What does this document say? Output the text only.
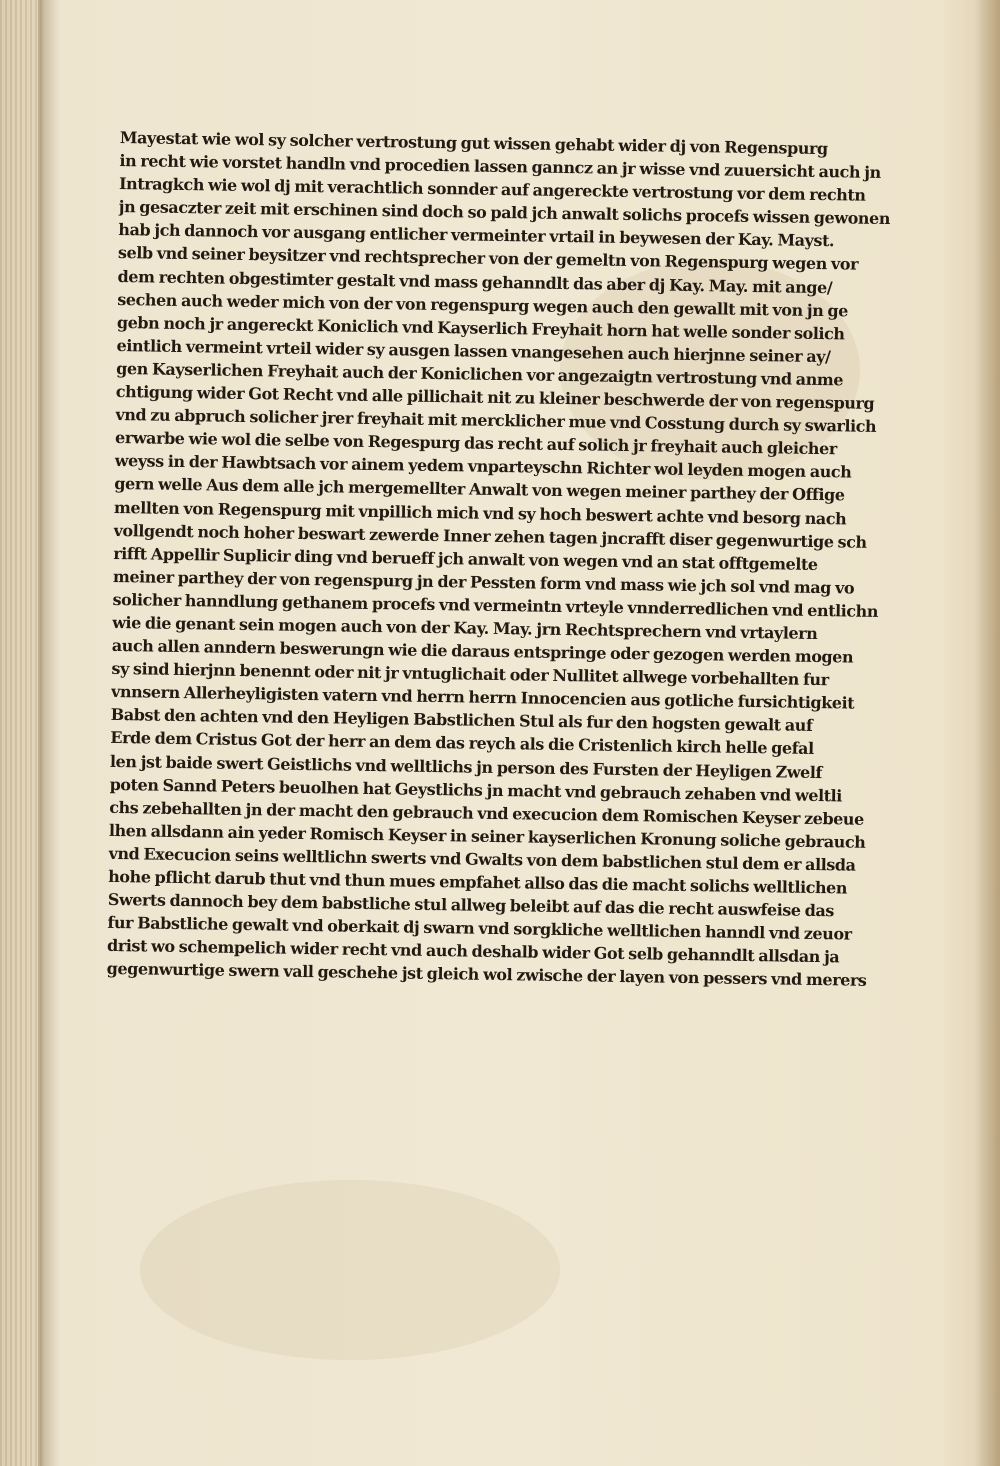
Mayestat wie wol sy solcher vertrostung gut wissen gehabt wider dj von Regenspurg
in recht wie vorstet handln vnd procedien lassen ganncz an jr wisse vnd zuuersicht auch jn
Intragkch wie wol dj mit verachtlich sonnder auf angereckte vertrostung vor dem rechtn
jn gesaczter zeit mit erschinen sind doch so pald jch anwalt solichs procefs wissen gewonen
hab jch dannoch vor ausgang entlicher vermeinter vrtail in beywesen der Kay. Mayst.
selb vnd seiner beysitzer vnd rechtsprecher von der gemeltn von Regenspurg wegen vor
dem rechten obgestimter gestalt vnd mass gehanndlt das aber dj Kay. May. mit ange/
sechen auch weder mich von der von regenspurg wegen auch den gewallt mit von jn ge
gebn noch jr angereckt Koniclich vnd Kayserlich Freyhait horn hat welle sonder solich
eintlich vermeint vrteil wider sy ausgen lassen vnangesehen auch hierjnne seiner ay/
gen Kayserlichen Freyhait auch der Koniclichen vor angezaigtn vertrostung vnd anme
chtigung wider Got Recht vnd alle pillichait nit zu kleiner beschwerde der von regenspurg
vnd zu abpruch solicher jrer freyhait mit mercklicher mue vnd Cosstung durch sy swarlich
erwarbe wie wol die selbe von Regespurg das recht auf solich jr freyhait auch gleicher
weyss in der Hawbtsach vor ainem yedem vnparteyschn Richter wol leyden mogen auch
gern welle Aus dem alle jch mergemellter Anwalt von wegen meiner parthey der Offige
mellten von Regenspurg mit vnpillich mich vnd sy hoch beswert achte vnd besorg nach
vollgendt noch hoher beswart zewerde Inner zehen tagen jncrafft diser gegenwurtige sch
rifft Appellir Suplicir ding vnd berueff jch anwalt von wegen vnd an stat offtgemelte
meiner parthey der von regenspurg jn der Pessten form vnd mass wie jch sol vnd mag vo
solicher hanndlung gethanem procefs vnd vermeintn vrteyle vnnderredlichen vnd entlichn
wie die genant sein mogen auch von der Kay. May. jrn Rechtsprechern vnd vrtaylern
auch allen anndern beswerungn wie die daraus entspringe oder gezogen werden mogen
sy sind hierjnn benennt oder nit jr vntuglichait oder Nullitet allwege vorbehallten fur
vnnsern Allerheyligisten vatern vnd herrn herrn Innocencien aus gotliche fursichtigkeit
Babst den achten vnd den Heyligen Babstlichen Stul als fur den hogsten gewalt auf
Erde dem Cristus Got der herr an dem das reych als die Cristenlich kirch helle gefal
len jst baide swert Geistlichs vnd welltlichs jn person des Fursten der Heyligen Zwelf
poten Sannd Peters beuolhen hat Geystlichs jn macht vnd gebrauch zehaben vnd weltli
chs zebehallten jn der macht den gebrauch vnd execucion dem Romischen Keyser zebeue
lhen allsdann ain yeder Romisch Keyser in seiner kayserlichen Kronung soliche gebrauch
vnd Execucion seins welltlichn swerts vnd Gwalts von dem babstlichen stul dem er allsda
hohe pflicht darub thut vnd thun mues empfahet allso das die macht solichs welltlichen
Swerts dannoch bey dem babstliche stul allweg beleibt auf das die recht auswfeise das
fur Babstliche gewalt vnd oberkait dj swarn vnd sorgkliche welltlichen hanndl vnd zeuor
drist wo schempelich wider recht vnd auch deshalb wider Got selb gehanndlt allsdan ja
gegenwurtige swern vall geschehe jst gleich wol zwische der layen von pessers vnd merers
